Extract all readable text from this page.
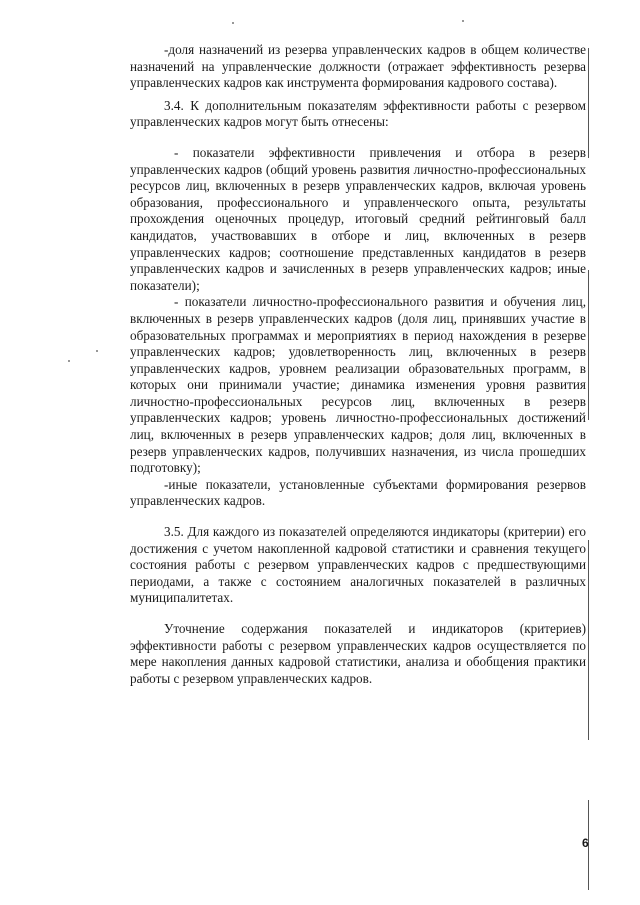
-доля назначений из резерва управленческих кадров в общем количестве назначений на управленческие должности (отражает эффективность резерва управленческих кадров как инструмента формирования кадрового состава).

3.4. К дополнительным показателям эффективности работы с резервом управленческих кадров могут быть отнесены:

- показатели эффективности привлечения и отбора в резерв управленческих кадров (общий уровень развития личностно-профессиональных ресурсов лиц, включенных в резерв управленческих кадров, включая уровень образования, профессионального и управленческого опыта, результаты прохождения оценочных процедур, итоговый средний рейтинговый балл кандидатов, участвовавших в отборе и лиц, включенных в резерв управленческих кадров; соотношение представленных кандидатов в резерв управленческих кадров и зачисленных в резерв управленческих кадров; иные показатели);

- показатели личностно-профессионального развития и обучения лиц, включенных в резерв управленческих кадров (доля лиц, принявших участие в образовательных программах и мероприятиях в период нахождения в резерве управленческих кадров; удовлетворенность лиц, включенных в резерв управленческих кадров, уровнем реализации образовательных программ, в которых они принимали участие; динамика изменения уровня развития личностно-профессиональных ресурсов лиц, включенных в резерв управленческих кадров; уровень личностно-профессиональных достижений лиц, включенных в резерв управленческих кадров; доля лиц, включенных в резерв управленческих кадров, получивших назначения, из числа прошедших подготовку);

-иные показатели, установленные субъектами формирования резервов управленческих кадров.

3.5. Для каждого из показателей определяются индикаторы (критерии) его достижения с учетом накопленной кадровой статистики и сравнения текущего состояния работы с резервом управленческих кадров с предшествующими периодами, а также с состоянием аналогичных показателей в различных муниципалитетах.

Уточнение содержания показателей и индикаторов (критериев) эффективности работы с резервом управленческих кадров осуществляется по мере накопления данных кадровой статистики, анализа и обобщения практики работы с резервом управленческих кадров.

6
